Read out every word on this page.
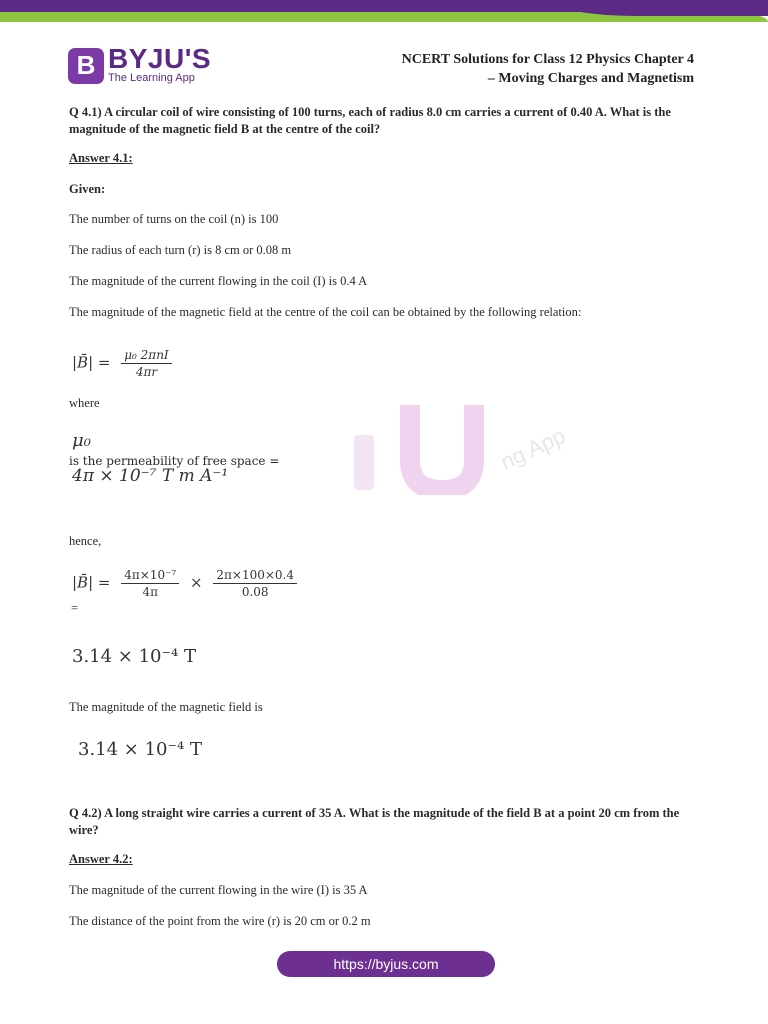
B BYJU'S
The Learning App
NCERT Solutions for Class 12 Physics Chapter 4
– Moving Charges and Magnetism
Q 4.1) A circular coil of wire consisting of 100 turns, each of radius 8.0 cm carries a current of 0.40 A. What is the magnitude of the magnetic field B at the centre of the coil?
Answer 4.1:
Given:
The number of turns on the coil (n) is 100
The radius of each turn (r) is 8 cm or 0.08 m
The magnitude of the current flowing in the coil (I) is 0.4 A
The magnitude of the magnetic field at the centre of the coil can be obtained by the following relation:
|B̄| = $\frac{\text{μ₀ 2πnI}}{4\pi r}$
where
μ₀
is the permeability of free space =
4π × 10⁻⁷ T m A⁻¹
ng App
hence,
|B̄| = $\frac{\text{4π×10⁻⁷}}{4\pi} \times \frac{2\pi\times 100\times 0.4}{0.08}$
=
3.14 × 10⁻⁴ T
The magnitude of the magnetic field is
3.14 × 10⁻⁴ T
Q 4.2) A long straight wire carries a current of 35 A. What is the magnitude of the field B at a point 20 cm from the wire?
Answer 4.2:
The magnitude of the current flowing in the wire (I) is 35 A
The distance of the point from the wire (r) is 20 cm or 0.2 m
https://byjus.com
